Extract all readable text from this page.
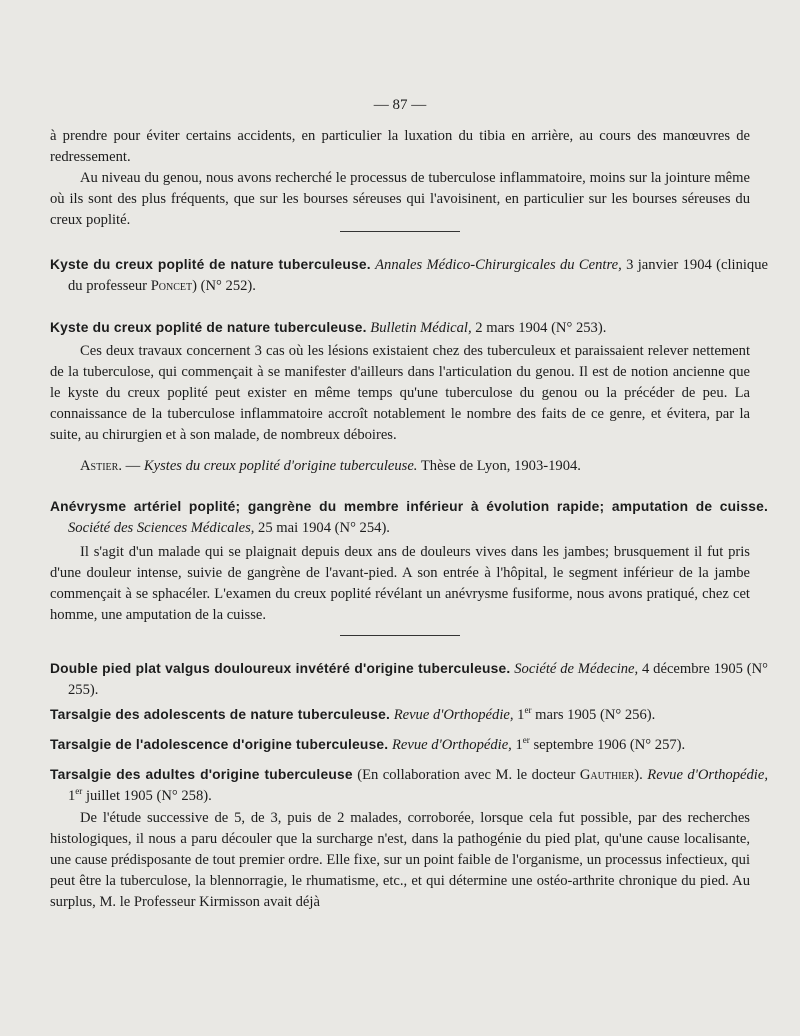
— 87 —
à prendre pour éviter certains accidents, en particulier la luxation du tibia en arrière, au cours des manœuvres de redressement.
Au niveau du genou, nous avons recherché le processus de tuberculose inflammatoire, moins sur la jointure même où ils sont des plus fréquents, que sur les bourses séreuses qui l'avoisinent, en particulier sur les bourses séreuses du creux poplité.
Kyste du creux poplité de nature tuberculeuse. Annales Médico-Chirurgicales du Centre, 3 janvier 1904 (clinique du professeur Poncet) (N° 252).
Kyste du creux poplité de nature tuberculeuse. Bulletin Médical, 2 mars 1904 (N° 253).
Ces deux travaux concernent 3 cas où les lésions existaient chez des tuberculeux et paraissaient relever nettement de la tuberculose, qui commençait à se manifester d'ailleurs dans l'articulation du genou. Il est de notion ancienne que le kyste du creux poplité peut exister en même temps qu'une tuberculose du genou ou la précéder de peu. La connaissance de la tuberculose inflammatoire accroît notablement le nombre des faits de ce genre, et évitera, par la suite, au chirurgien et à son malade, de nombreux déboires.
Astier. — Kystes du creux poplité d'origine tuberculeuse. Thèse de Lyon, 1903-1904.
Anévrysme artériel poplité; gangrène du membre inférieur à évolution rapide; amputation de cuisse. Société des Sciences Médicales, 25 mai 1904 (N° 254).
Il s'agit d'un malade qui se plaignait depuis deux ans de douleurs vives dans les jambes; brusquement il fut pris d'une douleur intense, suivie de gangrène de l'avant-pied. A son entrée à l'hôpital, le segment inférieur de la jambe commençait à se sphacéler. L'examen du creux poplité révélant un anévrysme fusiforme, nous avons pratiqué, chez cet homme, une amputation de la cuisse.
Double pied plat valgus douloureux invétéré d'origine tuberculeuse. Société de Médecine, 4 décembre 1905 (N° 255).
Tarsalgie des adolescents de nature tuberculeuse. Revue d'Orthopédie, 1er mars 1905 (N° 256).
Tarsalgie de l'adolescence d'origine tuberculeuse. Revue d'Orthopédie, 1er septembre 1906 (N° 257).
Tarsalgie des adultes d'origine tuberculeuse (En collaboration avec M. le docteur Gauthier). Revue d'Orthopédie, 1er juillet 1905 (N° 258).
De l'étude successive de 5, de 3, puis de 2 malades, corroborée, lorsque cela fut possible, par des recherches histologiques, il nous a paru découler que la surcharge n'est, dans la pathogénie du pied plat, qu'une cause localisante, une cause prédisposante de tout premier ordre. Elle fixe, sur un point faible de l'organisme, un processus infectieux, qui peut être la tuberculose, la blennorragie, le rhumatisme, etc., et qui détermine une ostéo-arthrite chronique du pied. Au surplus, M. le Professeur Kirmisson avait déjà
